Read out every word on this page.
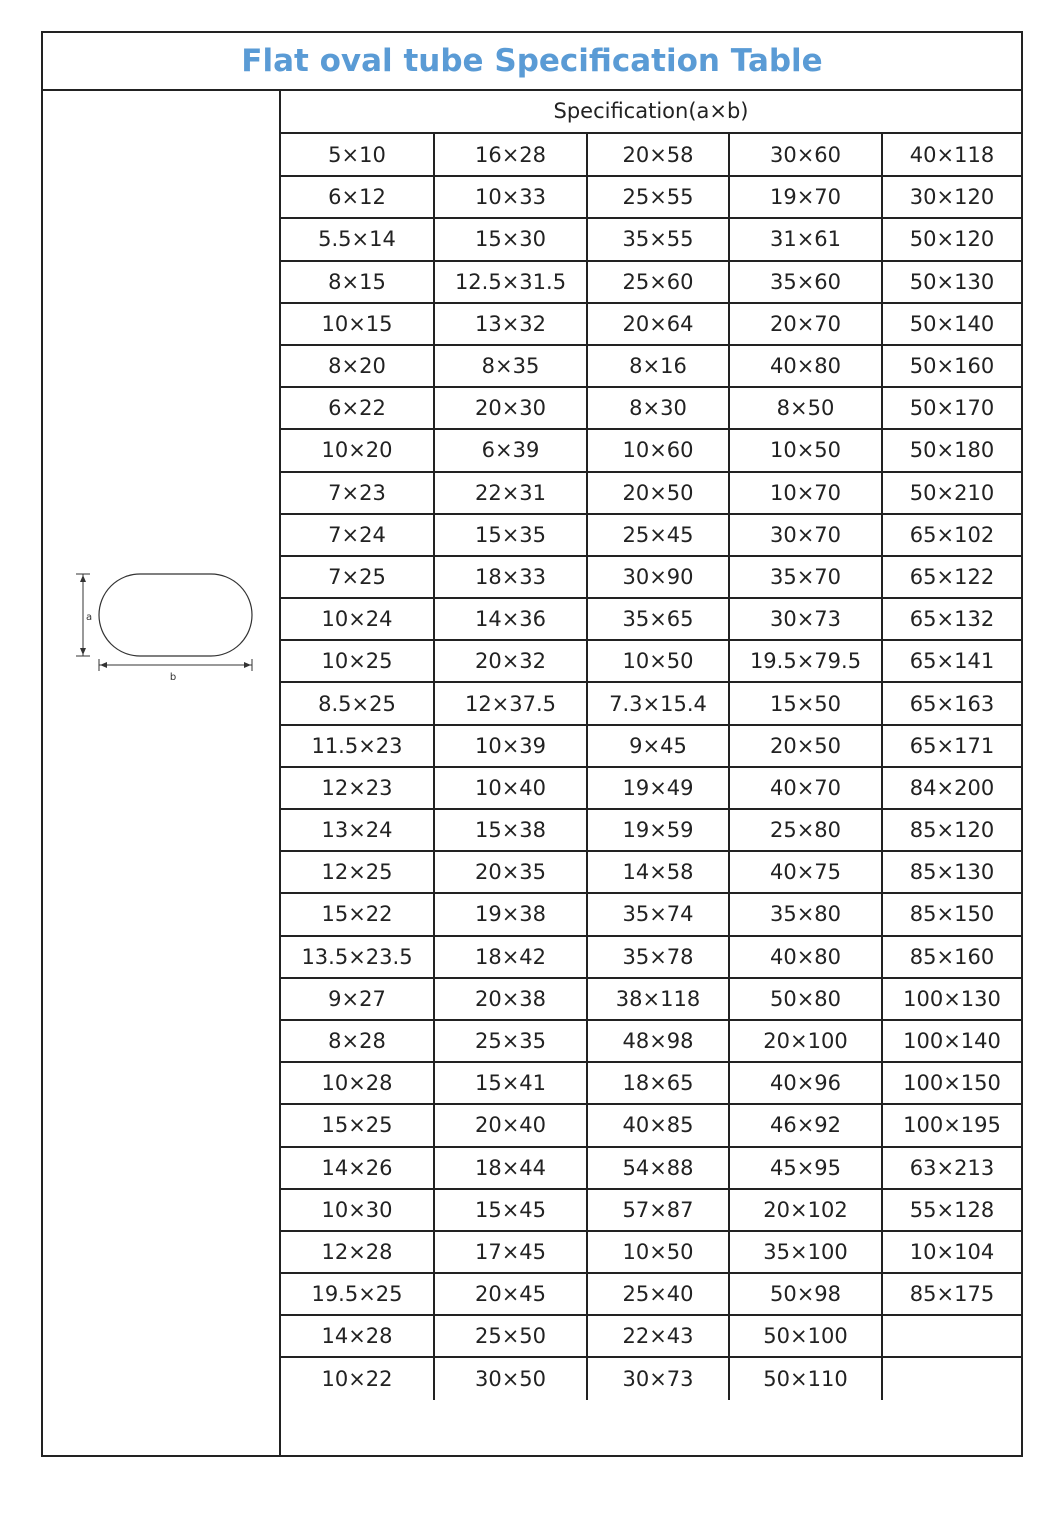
Flat oval tube Specification Table
a
b
Specification(a×b)
5×10	16×28	20×58	30×60	40×118
6×12	10×33	25×55	19×70	30×120
5.5×14	15×30	35×55	31×61	50×120
8×15	12.5×31.5	25×60	35×60	50×130
10×15	13×32	20×64	20×70	50×140
8×20	8×35	8×16	40×80	50×160
6×22	20×30	8×30	8×50	50×170
10×20	6×39	10×60	10×50	50×180
7×23	22×31	20×50	10×70	50×210
7×24	15×35	25×45	30×70	65×102
7×25	18×33	30×90	35×70	65×122
10×24	14×36	35×65	30×73	65×132
10×25	20×32	10×50	19.5×79.5	65×141
8.5×25	12×37.5	7.3×15.4	15×50	65×163
11.5×23	10×39	9×45	20×50	65×171
12×23	10×40	19×49	40×70	84×200
13×24	15×38	19×59	25×80	85×120
12×25	20×35	14×58	40×75	85×130
15×22	19×38	35×74	35×80	85×150
13.5×23.5	18×42	35×78	40×80	85×160
9×27	20×38	38×118	50×80	100×130
8×28	25×35	48×98	20×100	100×140
10×28	15×41	18×65	40×96	100×150
15×25	20×40	40×85	46×92	100×195
14×26	18×44	54×88	45×95	63×213
10×30	15×45	57×87	20×102	55×128
12×28	17×45	10×50	35×100	10×104
19.5×25	20×45	25×40	50×98	85×175
14×28	25×50	22×43	50×100	
10×22	30×50	30×73	50×110	
